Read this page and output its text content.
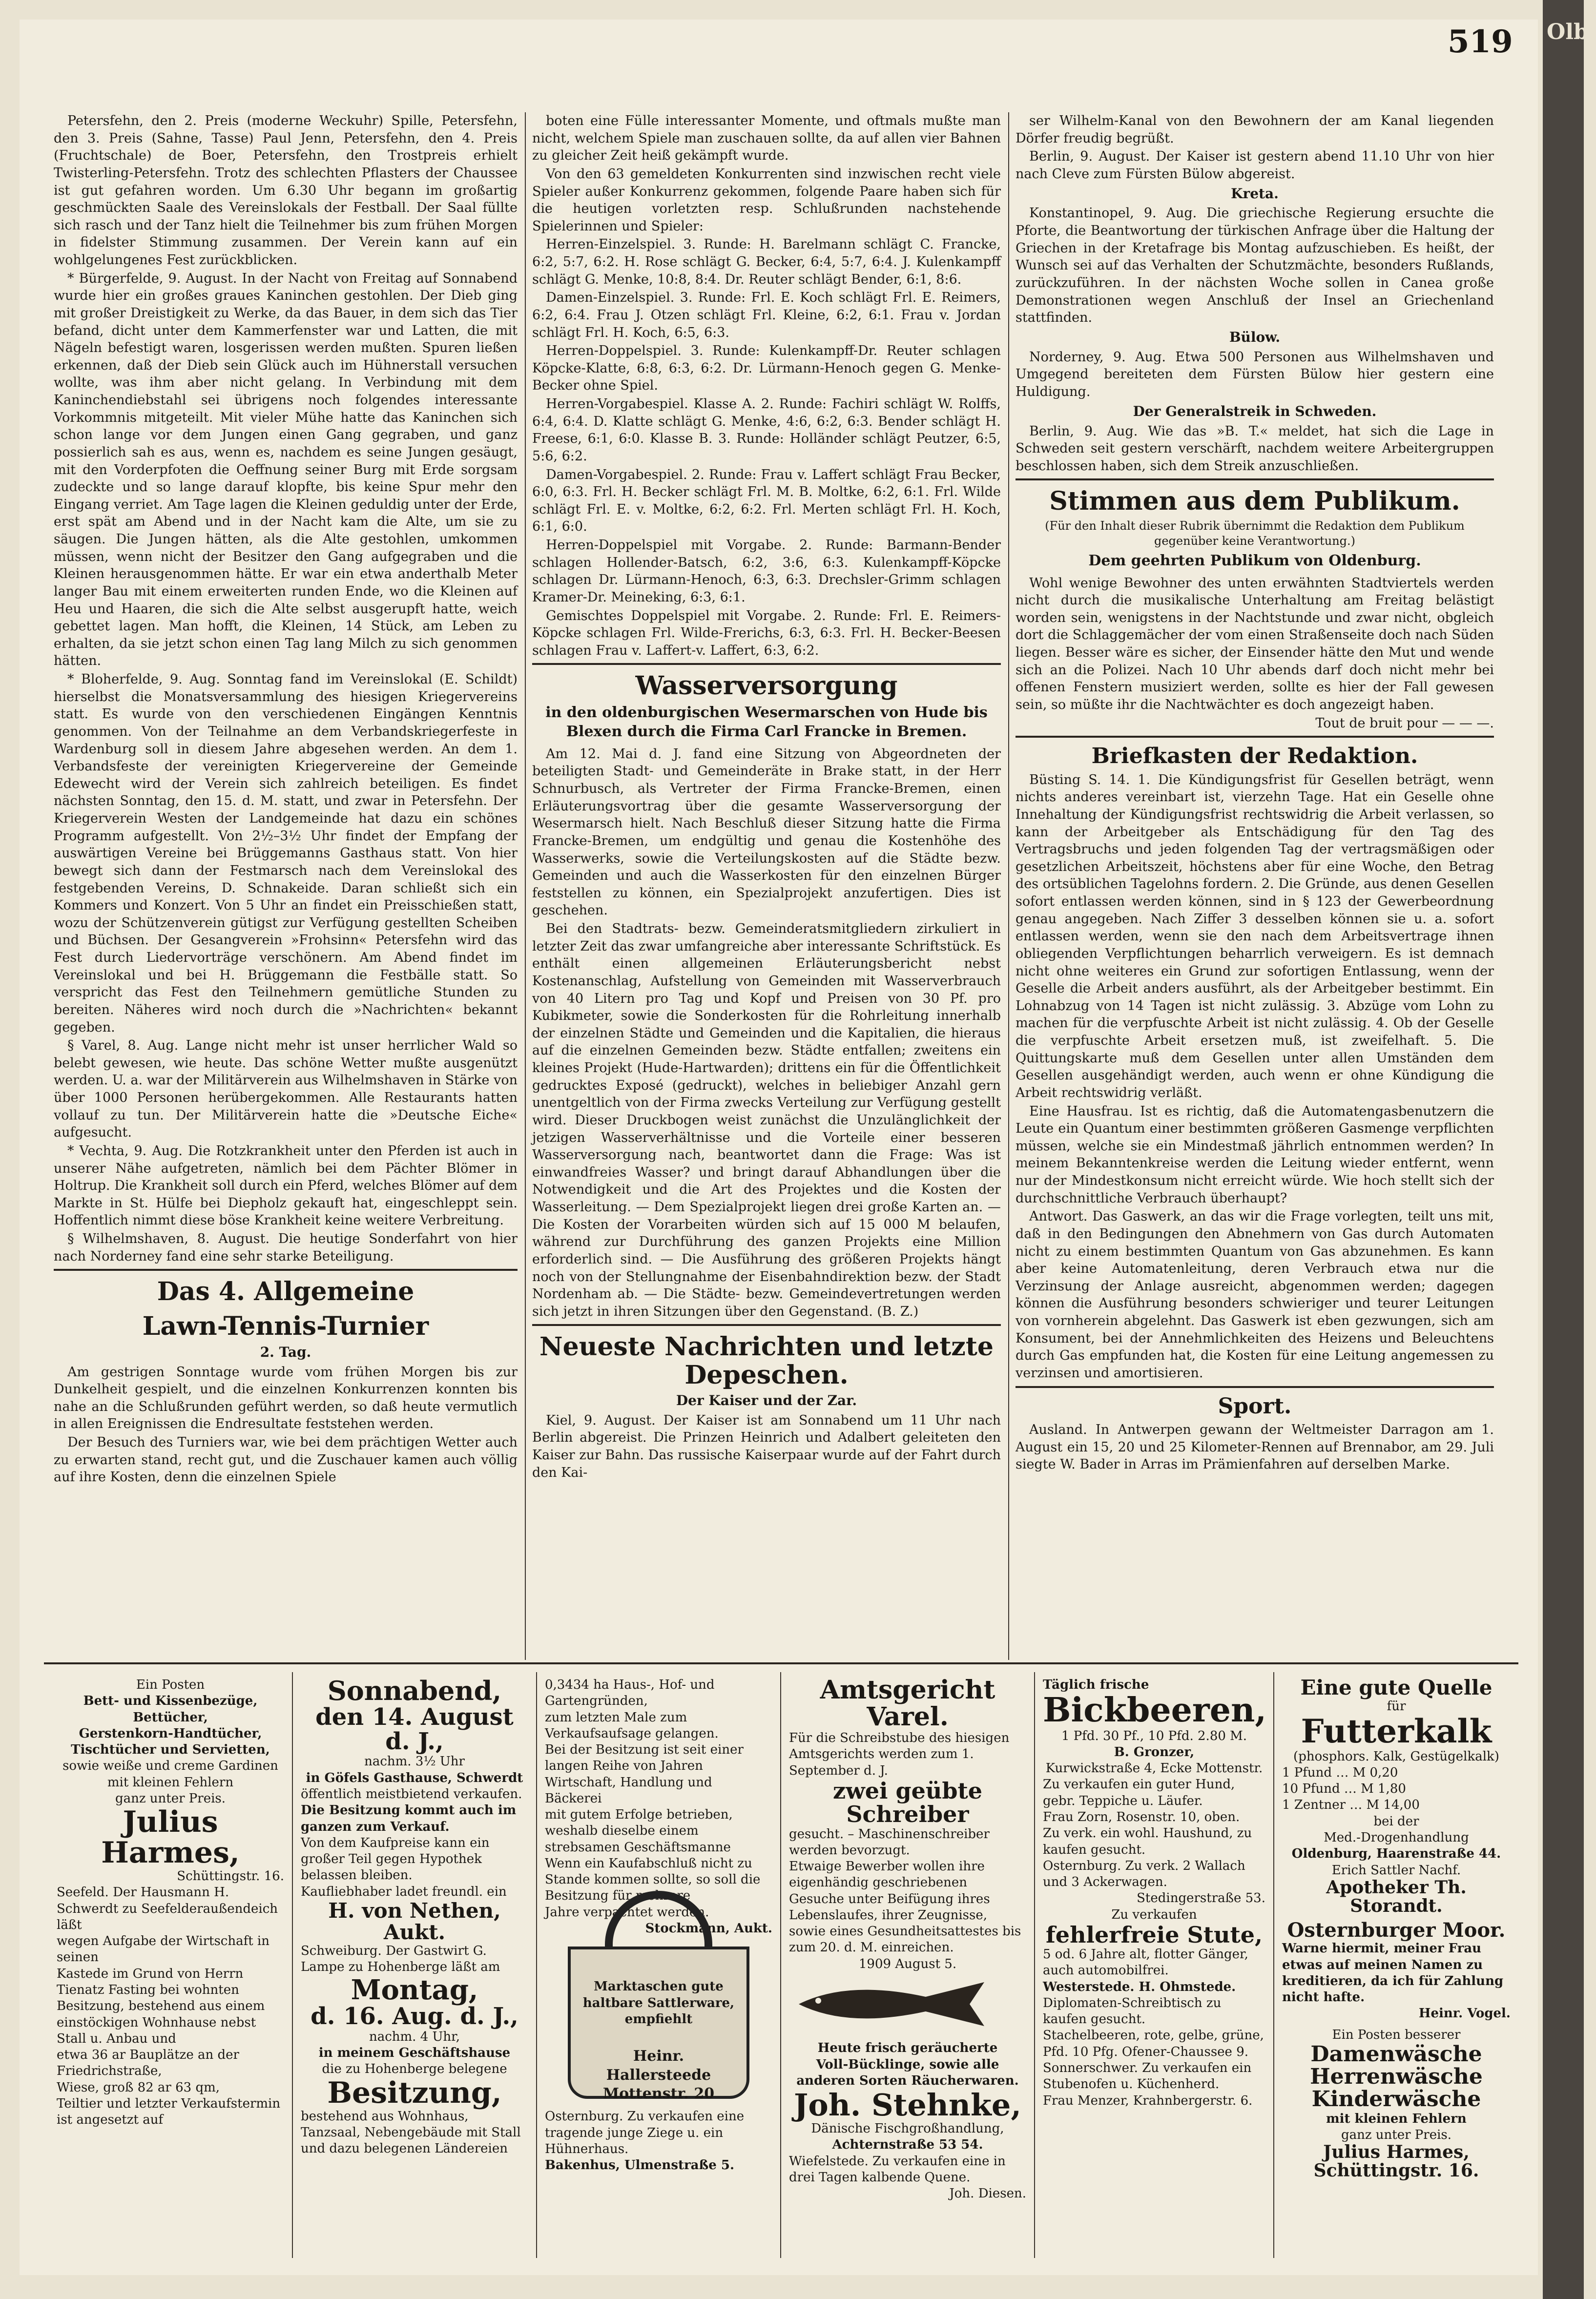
519

Petersfehn, den 2. Preis (moderne Weckuhr) Spille, Petersfehn, den 3. Preis (Sahne, Tasse) Paul Jenn, Petersfehn, den 4. Preis (Fruchtschale) de Boer, Petersfehn, den Trostpreis erhielt Twisterling-Petersfehn. Trotz des schlechten Pflasters der Chaussee ist gut gefahren worden. Um 6.30 Uhr begann im großartig geschmückten Saale des Vereinslokals der Festball. Der Saal füllte sich rasch und der Tanz hielt die Teilnehmer bis zum frühen Morgen in fidelster Stimmung zusammen. Der Verein kann auf ein wohlgelungenes Fest zurückblicken.

* Bürgerfelde, 9. August. In der Nacht von Freitag auf Sonnabend wurde hier ein großes graues Kaninchen gestohlen. Der Dieb ging mit großer Dreistigkeit zu Werke, da das Bauer, in dem sich das Tier befand, dicht unter dem Kammerfenster war und Latten, die mit Nägeln befestigt waren, losgerissen werden mußten. Spuren ließen erkennen, daß der Dieb sein Glück auch im Hühnerstall versuchen wollte, was ihm aber nicht gelang. In Verbindung mit dem Kaninchendiebstahl sei übrigens noch folgendes interessante Vorkommnis mitgeteilt. Mit vieler Mühe hatte das Kaninchen sich schon lange vor dem Jungen einen Gang gegraben, und ganz possierlich sah es aus, wenn es, nachdem es seine Jungen gesäugt, mit den Vorderpfoten die Oeffnung seiner Burg mit Erde sorgsam zudeckte und so lange darauf klopfte, bis keine Spur mehr den Eingang verriet. Am Tage lagen die Kleinen geduldig unter der Erde, erst spät am Abend und in der Nacht kam die Alte, um sie zu säugen. Die Jungen hätten, als die Alte gestohlen, umkommen müssen, wenn nicht der Besitzer den Gang aufgegraben und die Kleinen herausgenommen hätte. Er war ein etwa anderthalb Meter langer Bau mit einem erweiterten runden Ende, wo die Kleinen auf Heu und Haaren, die sich die Alte selbst ausgerupft hatte, weich gebettet lagen. Man hofft, die Kleinen, 14 Stück, am Leben zu erhalten, da sie jetzt schon einen Tag lang Milch zu sich genommen hätten.

* Bloherfelde, 9. Aug. Sonntag fand im Vereinslokal (E. Schildt) hierselbst die Monatsversammlung des hiesigen Kriegervereins statt. Es wurde von den verschiedenen Eingängen Kenntnis genommen. Von der Teilnahme an dem Verbandskriegerfeste in Wardenburg soll in diesem Jahre abgesehen werden. An dem 1. Verbandsfeste der vereinigten Kriegervereine der Gemeinde Edewecht wird der Verein sich zahlreich beteiligen. Es findet nächsten Sonntag, den 15. d. M. statt, und zwar in Petersfehn. Der Kriegerverein Westen der Landgemeinde hat dazu ein schönes Programm aufgestellt. Von 2½–3½ Uhr findet der Empfang der auswärtigen Vereine bei Brüggemanns Gasthaus statt. Von hier bewegt sich dann der Festmarsch nach dem Vereinslokal des festgebenden Vereins, D. Schnakeide. Daran schließt sich ein Kommers und Konzert. Von 5 Uhr an findet ein Preisschießen statt, wozu der Schützenverein gütigst zur Verfügung gestellten Scheiben und Büchsen. Der Gesangverein »Frohsinn« Petersfehn wird das Fest durch Liedervorträge verschönern. Am Abend findet im Vereinslokal und bei H. Brüggemann die Festbälle statt. So verspricht das Fest den Teilnehmern gemütliche Stunden zu bereiten. Näheres wird noch durch die »Nachrichten« bekannt gegeben.

§ Varel, 8. Aug. Lange nicht mehr ist unser herrlicher Wald so belebt gewesen, wie heute. Das schöne Wetter mußte ausgenützt werden. U. a. war der Militärverein aus Wilhelmshaven in Stärke von über 1000 Personen herübergekommen. Alle Restaurants hatten vollauf zu tun. Der Militärverein hatte die »Deutsche Eiche« aufgesucht.

* Vechta, 9. Aug. Die Rotzkrankheit unter den Pferden ist auch in unserer Nähe aufgetreten, nämlich bei dem Pächter Blömer in Holtrup. Die Krankheit soll durch ein Pferd, welches Blömer auf dem Markte in St. Hülfe bei Diepholz gekauft hat, eingeschleppt sein. Hoffentlich nimmt diese böse Krankheit keine weitere Verbreitung.

§ Wilhelmshaven, 8. August. Die heutige Sonderfahrt von hier nach Norderney fand eine sehr starke Beteiligung.

Das 4. Allgemeine
Lawn-Tennis-Turnier
2. Tag.

Am gestrigen Sonntage wurde vom frühen Morgen bis zur Dunkelheit gespielt, und die einzelnen Konkurrenzen konnten bis nahe an die Schlußrunden geführt werden, so daß heute vermutlich in allen Ereignissen die Endresultate feststehen werden.

Der Besuch des Turniers war, wie bei dem prächtigen Wetter auch zu erwarten stand, recht gut, und die Zuschauer kamen auch völlig auf ihre Kosten, denn die einzelnen Spiele

boten eine Fülle interessanter Momente, und oftmals mußte man nicht, welchem Spiele man zuschauen sollte, da auf allen vier Bahnen zu gleicher Zeit heiß gekämpft wurde.

Von den 63 gemeldeten Konkurrenten sind inzwischen recht viele Spieler außer Konkurrenz gekommen, folgende Paare haben sich für die heutigen vorletzten resp. Schlußrunden nachstehende Spielerinnen und Spieler:

Herren-Einzelspiel. 3. Runde: H. Barelmann schlägt C. Francke, 6:2, 5:7, 6:2. H. Rose schlägt G. Becker, 6:4, 5:7, 6:4. J. Kulenkampff schlägt G. Menke, 10:8, 8:4. Dr. Reuter schlägt Bender, 6:1, 8:6.

Damen-Einzelspiel. 3. Runde: Frl. E. Koch schlägt Frl. E. Reimers, 6:2, 6:4. Frau J. Otzen schlägt Frl. Kleine, 6:2, 6:1. Frau v. Jordan schlägt Frl. H. Koch, 6:5, 6:3.

Herren-Doppelspiel. 3. Runde: Kulenkampff-Dr. Reuter schlagen Köpcke-Klatte, 6:8, 6:3, 6:2. Dr. Lürmann-Henoch gegen G. Menke-Becker ohne Spiel.

Herren-Vorgabespiel. Klasse A. 2. Runde: Fachiri schlägt W. Rolffs, 6:4, 6:4. D. Klatte schlägt G. Menke, 4:6, 6:2, 6:3. Bender schlägt H. Freese, 6:1, 6:0. Klasse B. 3. Runde: Holländer schlägt Peutzer, 6:5, 5:6, 6:2.

Damen-Vorgabespiel. 2. Runde: Frau v. Laffert schlägt Frau Becker, 6:0, 6:3. Frl. H. Becker schlägt Frl. M. B. Moltke, 6:2, 6:1. Frl. Wilde schlägt Frl. E. v. Moltke, 6:2, 6:2. Frl. Merten schlägt Frl. H. Koch, 6:1, 6:0.

Herren-Doppelspiel mit Vorgabe. 2. Runde: Barmann-Bender schlagen Hollender-Batsch, 6:2, 3:6, 6:3. Kulenkampff-Köpcke schlagen Dr. Lürmann-Henoch, 6:3, 6:3. Drechsler-Grimm schlagen Kramer-Dr. Meineking, 6:3, 6:1.

Gemischtes Doppelspiel mit Vorgabe. 2. Runde: Frl. E. Reimers-Köpcke schlagen Frl. Wilde-Frerichs, 6:3, 6:3. Frl. H. Becker-Beesen schlagen Frau v. Laffert-v. Laffert, 6:3, 6:2.

Wasserversorgung
in den oldenburgischen Wesermarschen von Hude bis Blexen durch die Firma Carl Francke in Bremen.

Am 12. Mai d. J. fand eine Sitzung von Abgeordneten der beteiligten Stadt- und Gemeinderäte in Brake statt, in der Herr Schnurbusch, als Vertreter der Firma Francke-Bremen, einen Erläuterungsvortrag über die gesamte Wasserversorgung der Wesermarsch hielt. Nach Beschluß dieser Sitzung hatte die Firma Francke-Bremen, um endgültig und genau die Kostenhöhe des Wasserwerks, sowie die Verteilungskosten auf die Städte bezw. Gemeinden und auch die Wasserkosten für den einzelnen Bürger feststellen zu können, ein Spezialprojekt anzufertigen. Dies ist geschehen.

Bei den Stadtrats- bezw. Gemeinderatsmitgliedern zirkuliert in letzter Zeit das zwar umfangreiche aber interessante Schriftstück. Es enthält einen allgemeinen Erläuterungsbericht nebst Kostenanschlag, Aufstellung von Gemeinden mit Wasserverbrauch von 40 Litern pro Tag und Kopf und Preisen von 30 Pf. pro Kubikmeter, sowie die Sonderkosten für die Rohrleitung innerhalb der einzelnen Städte und Gemeinden und die Kapitalien, die hieraus auf die einzelnen Gemeinden bezw. Städte entfallen; zweitens ein kleines Projekt (Hude-Hartwarden); drittens ein für die Öffentlichkeit gedrucktes Exposé (gedruckt), welches in beliebiger Anzahl gern unentgeltlich von der Firma zwecks Verteilung zur Verfügung gestellt wird. Dieser Druckbogen weist zunächst die Unzulänglichkeit der jetzigen Wasserverhältnisse und die Vorteile einer besseren Wasserversorgung nach, beantwortet dann die Frage: Was ist einwandfreies Wasser? und bringt darauf Abhandlungen über die Notwendigkeit und die Art des Projektes und die Kosten der Wasserleitung. — Dem Spezialprojekt liegen drei große Karten an. — Die Kosten der Vorarbeiten würden sich auf 15 000 M belaufen, während zur Durchführung des ganzen Projekts eine Million erforderlich sind. — Die Ausführung des größeren Projekts hängt noch von der Stellungnahme der Eisenbahndirektion bezw. der Stadt Nordenham ab. — Die Städte- bezw. Gemeindevertretungen werden sich jetzt in ihren Sitzungen über den Gegenstand. (B. Z.)

Neueste Nachrichten und letzte Depeschen.
Der Kaiser und der Zar.

Kiel, 9. August. Der Kaiser ist am Sonnabend um 11 Uhr nach Berlin abgereist. Die Prinzen Heinrich und Adalbert geleiteten den Kaiser zur Bahn. Das russische Kaiserpaar wurde auf der Fahrt durch den Kai-

ser Wilhelm-Kanal von den Bewohnern der am Kanal liegenden Dörfer freudig begrüßt.

Berlin, 9. August. Der Kaiser ist gestern abend 11.10 Uhr von hier nach Cleve zum Fürsten Bülow abgereist.

Kreta.

Konstantinopel, 9. Aug. Die griechische Regierung ersuchte die Pforte, die Beantwortung der türkischen Anfrage über die Haltung der Griechen in der Kretafrage bis Montag aufzuschieben. Es heißt, der Wunsch sei auf das Verhalten der Schutzmächte, besonders Rußlands, zurückzuführen. In der nächsten Woche sollen in Canea große Demonstrationen wegen Anschluß der Insel an Griechenland stattfinden.

Bülow.

Norderney, 9. Aug. Etwa 500 Personen aus Wilhelmshaven und Umgegend bereiteten dem Fürsten Bülow hier gestern eine Huldigung.

Der Generalstreik in Schweden.

Berlin, 9. Aug. Wie das »B. T.« meldet, hat sich die Lage in Schweden seit gestern verschärft, nachdem weitere Arbeitergruppen beschlossen haben, sich dem Streik anzuschließen.

Stimmen aus dem Publikum.

(Für den Inhalt dieser Rubrik übernimmt die Redaktion dem Publikum gegenüber keine Verantwortung.)

Dem geehrten Publikum von Oldenburg.

Wohl wenige Bewohner des unten erwähnten Stadtviertels werden nicht durch die musikalische Unterhaltung am Freitag belästigt worden sein, wenigstens in der Nachtstunde und zwar nicht, obgleich dort die Schlaggemächer der vom einen Straßenseite doch nach Süden liegen. Besser wäre es sicher, der Einsender hätte den Mut und wende sich an die Polizei. Nach 10 Uhr abends darf doch nicht mehr bei offenen Fenstern musiziert werden, sollte es hier der Fall gewesen sein, so müßte ihr die Nachtwächter es doch angezeigt haben.

Tout de bruit pour — — —.

Briefkasten der Redaktion.

Büsting S. 14. 1. Die Kündigungsfrist für Gesellen beträgt, wenn nichts anderes vereinbart ist, vierzehn Tage. Hat ein Geselle ohne Innehaltung der Kündigungsfrist rechtswidrig die Arbeit verlassen, so kann der Arbeitgeber als Entschädigung für den Tag des Vertragsbruchs und jeden folgenden Tag der vertragsmäßigen oder gesetzlichen Arbeitszeit, höchstens aber für eine Woche, den Betrag des ortsüblichen Tagelohns fordern. 2. Die Gründe, aus denen Gesellen sofort entlassen werden können, sind in § 123 der Gewerbeordnung genau angegeben. Nach Ziffer 3 desselben können sie u. a. sofort entlassen werden, wenn sie den nach dem Arbeitsvertrage ihnen obliegenden Verpflichtungen beharrlich verweigern. Es ist demnach nicht ohne weiteres ein Grund zur sofortigen Entlassung, wenn der Geselle die Arbeit anders ausführt, als der Arbeitgeber bestimmt. Ein Lohnabzug von 14 Tagen ist nicht zulässig. 3. Abzüge vom Lohn zu machen für die verpfuschte Arbeit ist nicht zulässig. 4. Ob der Geselle die verpfuschte Arbeit ersetzen muß, ist zweifelhaft. 5. Die Quittungskarte muß dem Gesellen unter allen Umständen dem Gesellen ausgehändigt werden, auch wenn er ohne Kündigung die Arbeit rechtswidrig verläßt.

Eine Hausfrau. Ist es richtig, daß die Automatengasbenutzern die Leute ein Quantum einer bestimmten größeren Gasmenge verpflichten müssen, welche sie ein Mindestmaß jährlich entnommen werden? In meinem Bekanntenkreise werden die Leitung wieder entfernt, wenn nur der Mindestkonsum nicht erreicht würde. Wie hoch stellt sich der durchschnittliche Verbrauch überhaupt?

Antwort. Das Gaswerk, an das wir die Frage vorlegten, teilt uns mit, daß in den Bedingungen den Abnehmern von Gas durch Automaten nicht zu einem bestimmten Quantum von Gas abzunehmen. Es kann aber keine Automatenleitung, deren Verbrauch etwa nur die Verzinsung der Anlage ausreicht, abgenommen werden; dagegen können die Ausführung besonders schwieriger und teurer Leitungen von vornherein abgelehnt. Das Gaswerk ist eben gezwungen, sich am Konsument, bei der Annehmlichkeiten des Heizens und Beleuchtens durch Gas empfunden hat, die Kosten für eine Leitung angemessen zu verzinsen und amortisieren.

Sport.

Ausland. In Antwerpen gewann der Weltmeister Darragon am 1. August ein 15, 20 und 25 Kilometer-Rennen auf Brennabor, am 29. Juli siegte W. Bader in Arras im Prämienfahren auf derselben Marke.

Ein Posten
Bett- und Kissenbezüge, Bettücher,
Gerstenkorn-Handtücher,
Tischtücher und Servietten,
sowie weiße und creme Gardinen mit kleinen Fehlern
ganz unter Preis.
Julius Harmes,
Schüttingstr. 16.
Seefeld. Der Hausmann H. Schwerdt zu Seefelderaußendeich läßt
wegen Aufgabe der Wirtschaft in seinen
Kastede im Grund von Herrn Tienatz Fasting bei wohnten
Besitzung, bestehend aus einem einstöckigen Wohnhause nebst Stall u. Anbau und
etwa 36 ar Bauplätze an der Friedrichstraße,
Wiese, groß 82 ar 63 qm,
Teiltier und letzter Verkaufstermin
ist angesetzt auf
Sonnabend,
den 14. August d. J.,
nachm. 3½ Uhr
in Göfels Gasthause, Schwerdt
öffentlich meistbietend verkaufen.
Die Besitzung kommt auch im ganzen zum Verkauf.
Von dem Kaufpreise kann ein großer Teil gegen Hypothek belassen bleiben.
Kaufliebhaber ladet freundl. ein
H. von Nethen, Aukt.
Schweiburg. Der Gastwirt G. Lampe zu Hohenberge läßt am
Montag,
d. 16. Aug. d. J.,
nachm. 4 Uhr,
in meinem Geschäftshause
die zu Hohenberge belegene
Besitzung,
bestehend aus Wohnhaus, Tanzsaal, Nebengebäude mit Stall und dazu belegenen Ländereien
0,3434 ha Haus-, Hof- und
Gartengründen,
zum letzten Male zum Verkaufsaufsage gelangen.
Bei der Besitzung ist seit einer langen Reihe von Jahren Wirtschaft, Handlung und Bäckerei
mit gutem Erfolge betrieben, weshalb dieselbe einem strebsamen Geschäftsmanne
Wenn ein Kaufabschluß nicht zu Stande kommen sollte, so soll die Besitzung für mehrere
Jahre verpachtet werden.
Stockmann, Aukt.
Marktaschen gute haltbare Sattlerware, empfiehlt
Heinr. Hallersteede Mottenstr. 20
Osternburg. Zu verkaufen eine tragende junge Ziege u. ein Hühnerhaus.
Bakenhus, Ulmenstraße 5.
Amtsgericht Varel.
Für die Schreibstube des hiesigen Amtsgerichts werden zum 1. September d. J.
zwei geübte Schreiber
gesucht. – Maschinenschreiber werden bevorzugt.
Etwaige Bewerber wollen ihre eigenhändig geschriebenen Gesuche unter Beifügung ihres Lebenslaufes, ihrer Zeugnisse, sowie eines Gesundheitsattestes bis zum 20. d. M. einreichen.
1909 August 5.
Heute frisch geräucherte
Voll-Bücklinge, sowie alle anderen Sorten Räucherwaren.
Joh. Stehnke,
Dänische Fischgroßhandlung,
Achternstraße 53 54.
Wiefelstede. Zu verkaufen eine in drei Tagen kalbende Quene.
Joh. Diesen.
Täglich frische
Bickbeeren,
1 Pfd. 30 Pf., 10 Pfd. 2.80 M.
B. Gronzer,
Kurwickstraße 4, Ecke Mottenstr.
Zu verkaufen ein guter Hund, gebr. Teppiche u. Läufer.
Frau Zorn, Rosenstr. 10, oben.
Zu verk. ein wohl. Haushund, zu kaufen gesucht.
Osternburg. Zu verk. 2 Wallach und 3 Ackerwagen.
Stedingerstraße 53.
Zu verkaufen
fehlerfreie Stute,
5 od. 6 Jahre alt, flotter Gänger, auch automobilfrei.
Westerstede. H. Ohmstede.
Diplomaten-Schreibtisch zu kaufen gesucht.
Stachelbeeren, rote, gelbe, grüne, Pfd. 10 Pfg. Ofener-Chaussee 9.
Sonnerschwer. Zu verkaufen ein Stubenofen u. Küchenherd.
Frau Menzer, Krahnbergerstr. 6.
Eine gute Quelle
für
Futterkalk
(phosphors. Kalk, Gestügelkalk)
1 Pfund … M 0,20
10 Pfund … M 1,80
1 Zentner … M 14,00
bei der
Med.-Drogenhandlung
Oldenburg, Haarenstraße 44.
Erich Sattler Nachf.
Apotheker Th. Storandt.
Osternburger Moor.
Warne hiermit, meiner Frau etwas auf meinen Namen zu kreditieren, da ich für Zahlung nicht hafte.
Heinr. Vogel.
Ein Posten besserer
Damenwäsche
Herrenwäsche
Kinderwäsche
mit kleinen Fehlern
ganz unter Preis.
Julius Harmes, Schüttingstr. 16.
Olb.
